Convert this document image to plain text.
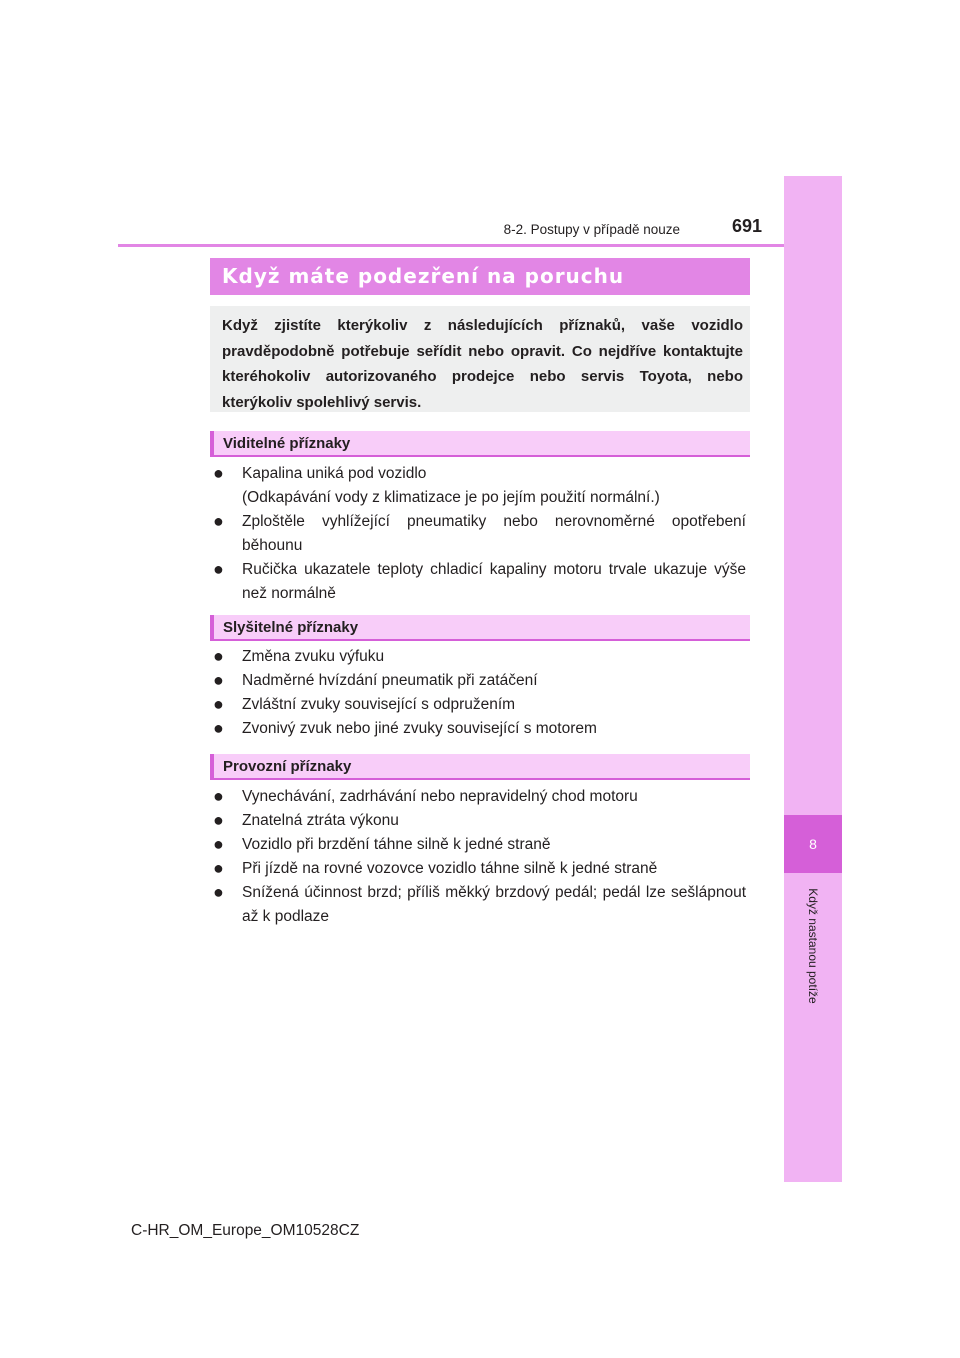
8
Když nastanou potíže
8-2. Postupy v případě nouze	691
Když máte podezření na poruchu

Když zjistíte kterýkoliv z následujících příznaků, vaše vozidlo pravděpodobně potřebuje seřídit nebo opravit. Co nejdříve kontaktujte kteréhokoliv autorizovaného prodejce nebo servis Toyota, nebo kterýkoliv spolehlivý servis.

Viditelné příznaky
● Kapalina uniká pod vozidlo
(Odkapávání vody z klimatizace je po jejím použití normální.)
● Zploštěle vyhlížející pneumatiky nebo nerovnoměrné opotřebení běhounu
● Ručička ukazatele teploty chladicí kapaliny motoru trvale ukazuje výše než normálně
Slyšitelné příznaky
● Změna zvuku výfuku
● Nadměrné hvízdání pneumatik při zatáčení
● Zvláštní zvuky související s odpružením
● Zvonivý zvuk nebo jiné zvuky související s motorem
Provozní příznaky
● Vynechávání, zadrhávání nebo nepravidelný chod motoru
● Znatelná ztráta výkonu
● Vozidlo při brzdění táhne silně k jedné straně
● Při jízdě na rovné vozovce vozidlo táhne silně k jedné straně
● Snížená účinnost brzd; příliš měkký brzdový pedál; pedál lze sešlápnout až k podlaze
C-HR_OM_Europe_OM10528CZ
